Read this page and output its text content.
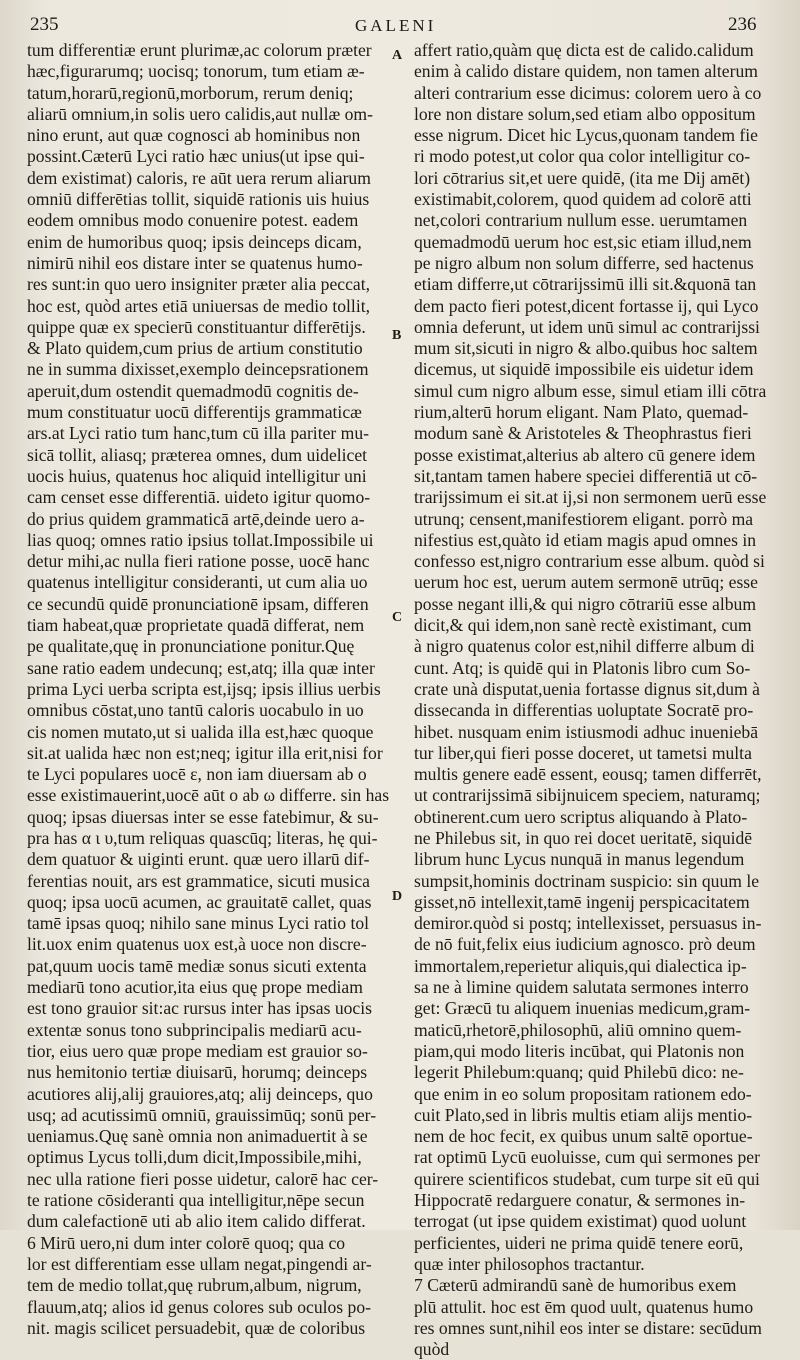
235	GALENI	236
A
B
C
D
tum differentiæ erunt plurimæ,ac colorum præter
hæc,figurarumq; uocisq; tonorum, tum etiam æ-
tatum,horarū,regionū,morborum, rerum deniq;
aliarū omnium,in solis uero calidis,aut nullæ om-
nino erunt, aut quæ cognosci ab hominibus non
possint.Cæterū Lyci ratio hæc unius(ut ipse qui-
dem existimat) caloris, re aūt uera rerum aliarum
omniū differētias tollit, siquidē rationis uis huius
eodem omnibus modo conuenire potest. eadem
enim de humoribus quoq; ipsis deinceps dicam,
nimirū nihil eos distare inter se quatenus humo-
res sunt:in quo uero insigniter præter alia peccat,
hoc est, quòd artes etiā uniuersas de medio tollit,
quippe quæ ex specierū constituantur differētijs.
& Plato quidem,cum prius de artium constitutio
ne in summa dixisset,exemplo deincepsrationem
aperuit,dum ostendit quemadmodū cognitis de-
mum constituatur uocū differentijs grammaticæ
ars.at Lyci ratio tum hanc,tum cū illa pariter mu-
sicā tollit, aliasq; præterea omnes, dum uidelicet
uocis huius, quatenus hoc aliquid intelligitur uni
cam censet esse differentiā. uideto igitur quomo-
do prius quidem grammaticā artē,deinde uero a-
lias quoq; omnes ratio ipsius tollat.Impossibile ui
detur mihi,ac nulla fieri ratione posse, uocē hanc
quatenus intelligitur consideranti, ut cum alia uo
ce secundū quidē pronunciationē ipsam, differen
tiam habeat,quæ proprietate quadā differat, nem
pe qualitate,quę in pronunciatione ponitur.Quę
sane ratio eadem undecunq; est,atq; illa quæ inter
prima Lyci uerba scripta est,ijsq; ipsis illius uerbis
omnibus cōstat,uno tantū caloris uocabulo in uo
cis nomen mutato,ut si ualida illa est,hæc quoque
sit.at ualida hæc non est;neq; igitur illa erit,nisi for
te Lyci populares uocē ε, non iam diuersam ab ο
esse existimauerint,uocē aūt ο ab ω differre. sin has
quoq; ipsas diuersas inter se esse fatebimur, & su-
pra has α ι υ,tum reliquas quascūq; literas, hę qui-
dem quatuor & uiginti erunt. quæ uero illarū dif-
ferentias nouit, ars est grammatice, sicuti musica
quoq; ipsa uocū acumen, ac grauitatē callet, quas
tamē ipsas quoq; nihilo sane minus Lyci ratio tol
lit.uox enim quatenus uox est,à uoce non discre-
pat,quum uocis tamē mediæ sonus sicuti extenta
mediarū tono acutior,ita eius quę prope mediam
est tono grauior sit:ac rursus inter has ipsas uocis
extentæ sonus tono subprincipalis mediarū acu-
tior, eius uero quæ prope mediam est grauior so-
nus hemitonio tertiæ diuisarū, horumq; deinceps
acutiores alij,alij grauiores,atq; alij deinceps, quo
usq; ad acutissimū omniū, grauissimūq; sonū per-
ueniamus.Quę sanè omnia non animaduertit à se
optimus Lycus tolli,dum dicit,Impossibile,mihi,
nec ulla ratione fieri posse uidetur, calorē hac cer-
te ratione cōsideranti qua intelligitur,nēpe secun
dum calefactionē uti ab alio item calido differat.
6 Mirū uero,ni dum inter colorē quoq; qua co
lor est differentiam esse ullam negat,pingendi ar-
tem de medio tollat,quę rubrum,album, nigrum,
flauum,atq; alios id genus colores sub oculos po-
nit. magis scilicet persuadebit, quæ de coloribus
affert ratio,quàm quę dicta est de calido.calidum
enim à calido distare quidem, non tamen alterum
alteri contrarium esse dicimus: colorem uero à co
lore non distare solum,sed etiam albo oppositum
esse nigrum. Dicet hic Lycus,quonam tandem fie
ri modo potest,ut color qua color intelligitur co-
lori cōtrarius sit,et uere quidē, (ita me Dij amēt)
existimabit,colorem, quod quidem ad colorē atti
net,colori contrarium nullum esse. uerumtamen
quemadmodū uerum hoc est,sic etiam illud,nem
pe nigro album non solum differre, sed hactenus
etiam differre,ut cōtrarijssimū illi sit.&quonā tan
dem pacto fieri potest,dicent fortasse ij, qui Lyco
omnia deferunt, ut idem unū simul ac contrarijssi
mum sit,sicuti in nigro & albo.quibus hoc saltem
dicemus, ut siquidē impossibile eis uidetur idem
simul cum nigro album esse, simul etiam illi cōtra
rium,alterū horum eligant. Nam Plato, quemad-
modum sanè & Aristoteles & Theophrastus fieri
posse existimat,alterius ab altero cū genere idem
sit,tantam tamen habere speciei differentiā ut cō-
trarijssimum ei sit.at ij,si non sermonem uerū esse
utrunq; censent,manifestiorem eligant. porrò ma
nifestius est,quàto id etiam magis apud omnes in
confesso est,nigro contrarium esse album. quòd si
uerum hoc est, uerum autem sermonē utrūq; esse
posse negant illi,& qui nigro cōtrariū esse album
dicit,& qui idem,non sanè rectè existimant, cum
à nigro quatenus color est,nihil differre album di
cunt. Atq; is quidē qui in Platonis libro cum So-
crate unà disputat,uenia fortasse dignus sit,dum à
dissecanda in differentias uoluptate Socratē pro-
hibet. nusquam enim istiusmodi adhuc inueniebā
tur liber,qui fieri posse doceret, ut tametsi multa
multis genere eadē essent, eousq; tamen differrēt,
ut contrarijssimā sibijnuicem speciem, naturamq;
obtinerent.cum uero scriptus aliquando à Plato-
ne Philebus sit, in quo rei docet ueritatē, siquidē
librum hunc Lycus nunquā in manus legendum
sumpsit,hominis doctrinam suspicio: sin quum le
gisset,nō intellexit,tamē ingenij perspicacitatem
demiror.quòd si postq; intellexisset, persuasus in-
de nō fuit,felix eius iudicium agnosco. prò deum
immortalem,reperietur aliquis,qui dialectica ip-
sa ne à limine quidem salutata sermones interro
get: Græcū tu aliquem inuenias medicum,gram-
maticū,rhetorē,philosophū, aliū omnino quem-
piam,qui modo literis incūbat, qui Platonis non
legerit Philebum:quanq; quid Philebū dico: ne-
que enim in eo solum propositam rationem edo-
cuit Plato,sed in libris multis etiam alijs mentio-
nem de hoc fecit, ex quibus unum saltē oportue-
rat optimū Lycū euoluisse, cum qui sermones per
quirere scientificos studebat, cum turpe sit eū qui
Hippocratē redarguere conatur, & sermones in-
terrogat (ut ipse quidem existimat) quod uolunt
perficientes, uideri ne prima quidē tenere eorū,
quæ inter philosophos tractantur.
7 Cæterū admirandū sanè de humoribus exem
plū attulit. hoc est ēm quod uult, quatenus humo
res omnes sunt,nihil eos inter se distare: secūdum
quòd
